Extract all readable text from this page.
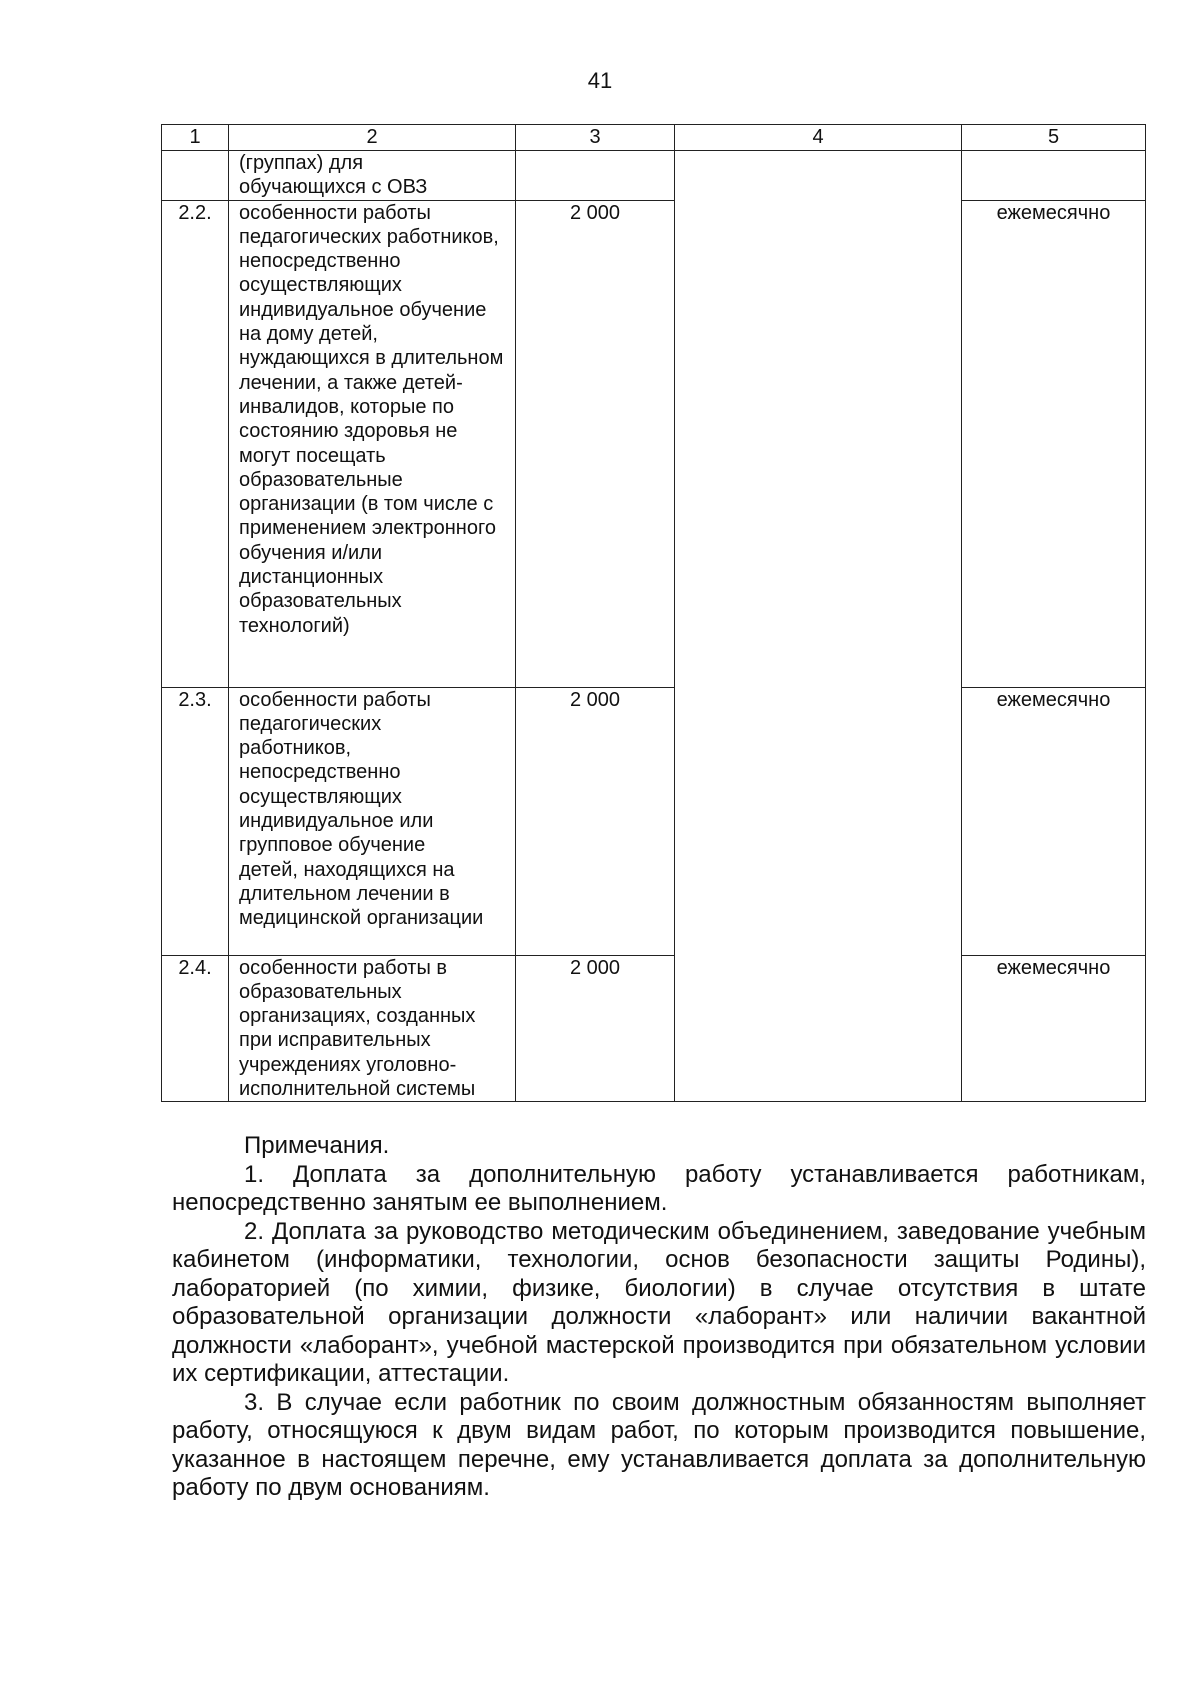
41
1	2	3	4	5

	(группах) для обучающихся с ОВЗ			

2.2.	особенности работы педагогических работников, непосредственно осуществляющих индивидуальное обучение на дому детей, нуждающихся в длительном лечении, а также детей-инвалидов, которые по состоянию здоровья не могут посещать образовательные организации (в том числе с применением электронного обучения и/или дистанционных образовательных технологий)	2 000		ежемесячно
2.3.	особенности работы педагогических работников, непосредственно осуществляющих индивидуальное или групповое обучение детей, находящихся на длительном лечении в медицинской организации	2 000		ежемесячно
2.4.	особенности работы в образовательных организациях, созданных при исправительных учреждениях уголовно-исполнительной системы	2 000		ежемесячно

Примечания.

1. Доплата за дополнительную работу устанавливается работникам, непосредственно занятым ее выполнением.

2. Доплата за руководство методическим объединением, заведование учебным кабинетом (информатики, технологии, основ безопасности защиты Родины), лабораторией (по химии, физике, биологии) в случае отсутствия в штате образовательной организации должности «лаборант» или наличии вакантной должности «лаборант», учебной мастерской производится при обязательном условии их сертификации, аттестации.

3. В случае если работник по своим должностным обязанностям выполняет работу, относящуюся к двум видам работ, по которым производится повышение, указанное в настоящем перечне, ему устанавливается доплата за дополнительную работу по двум основаниям.
